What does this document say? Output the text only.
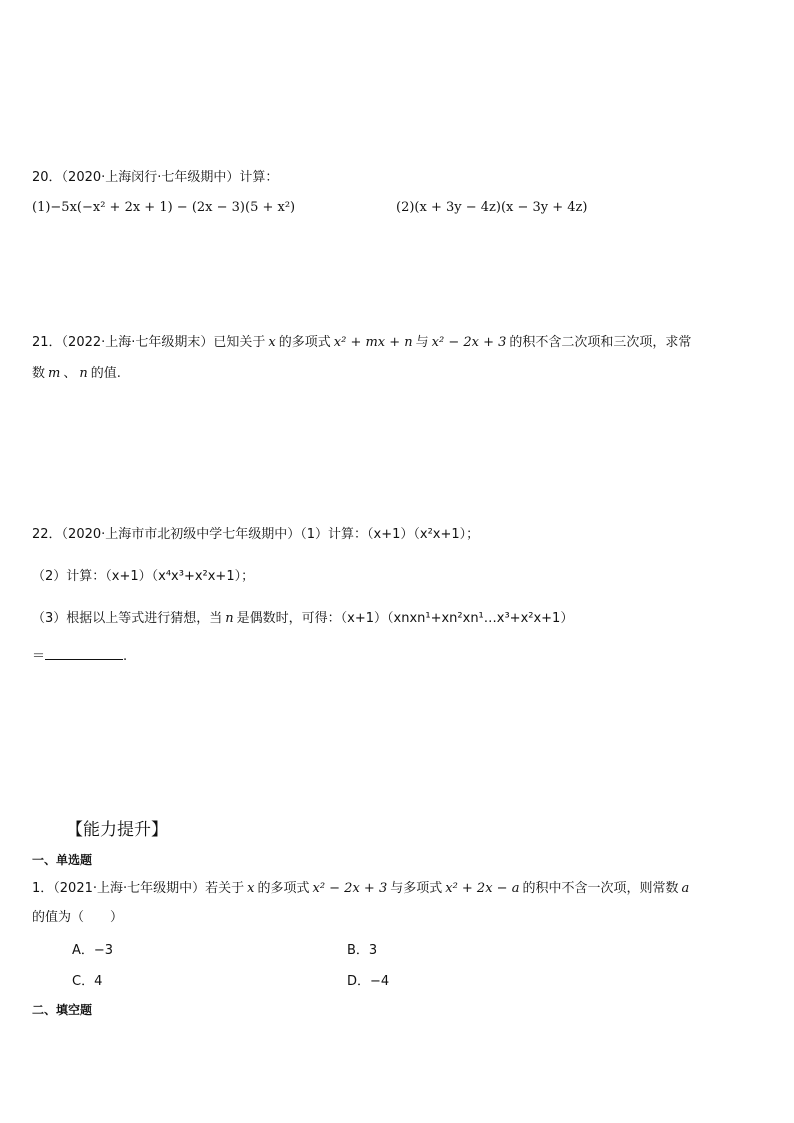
20．（2020·上海闵行·七年级期中）计算：
(1)−5x(−x² + 2x + 1) − (2x − 3)(5 + x²)	(2)(x + 3y − 4z)(x − 3y + 4z)
21．（2022·上海·七年级期末）已知关于 x 的多项式 x² + mx + n 与 x² − 2x + 3 的积不含二次项和三次项，求常
数 m 、 n 的值.
22．（2020·上海市市北初级中学七年级期中）（1）计算：（x+1）（x²x+1）；
（2）计算：（x+1）（x⁴x³+x²x+1）；
（3）根据以上等式进行猜想，当 n 是偶数时，可得：（x+1）（xnxn¹+xn²xn¹…x³+x²x+1）
＝	.
【能力提升】
一、单选题
1．（2021·上海·七年级期中）若关于 x 的多项式 x² − 2x + 3 与多项式 x² + 2x − a 的积中不含一次项，则常数 a
的值为（　　）
A．−3	B．3
C．4	D．−4
二、填空题
